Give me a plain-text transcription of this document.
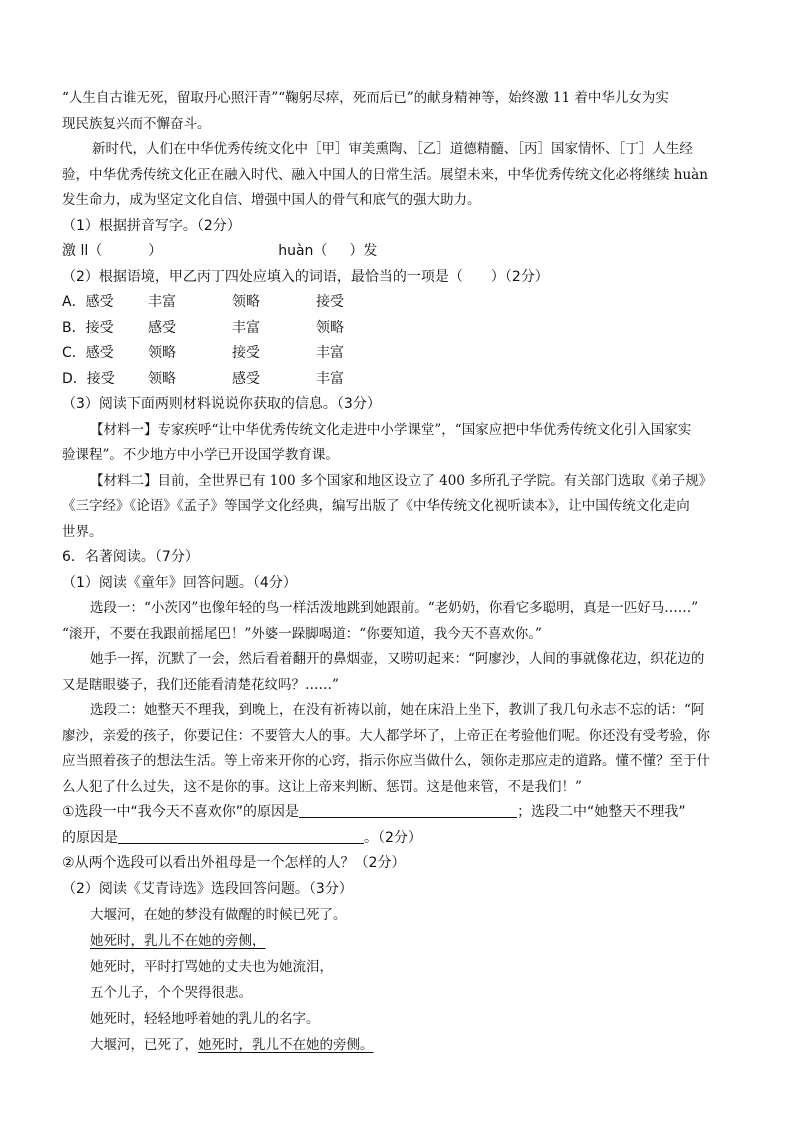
“人生自古谁无死，留取丹心照汗青”“鞠躬尽瘁，死而后已”的献身精神等，始终激 11 着中华儿女为实
现民族复兴而不懈奋斗。
新时代，人们在中华优秀传统文化中［甲］审美熏陶、［乙］道德精髓、［丙］国家情怀、［丁］人生经
验，中华优秀传统文化正在融入时代、融入中国人的日常生活。展望未来，中华优秀传统文化必将继续 huàn
发生命力，成为坚定文化自信、增强中国人的骨气和底气的强大助力。
（1）根据拼音写字。（2分）
激 ll（	）	huàn（ ）发
（2）根据语境，甲乙丙丁四处应填入的词语，最恰当的一项是（　　）（2分）
A．感受	丰富	领略	接受
B．接受	感受	丰富	领略
C．感受	领略	接受	丰富
D．接受	领略	感受	丰富
（3）阅读下面两则材料说说你获取的信息。（3分）
【材料一】专家疾呼“让中华优秀传统文化走进中小学课堂”，“国家应把中华优秀传统文化引入国家实
验课程”。不少地方中小学已开设国学教育课。
【材料二】目前，全世界已有 100 多个国家和地区设立了 400 多所孔子学院。有关部门选取《弟子规》
《三字经》《论语》《孟子》等国学文化经典，编写出版了《中华传统文化视听读本》，让中国传统文化走向
世界。
6．名著阅读。（7分）
（1）阅读《童年》回答问题。（4分）
选段一：“小茨冈”也像年轻的鸟一样活泼地跳到她跟前。“老奶奶，你看它多聪明，真是一匹好马……”
“滚开，不要在我跟前摇尾巴！”外婆一跺脚喝道：“你要知道，我今天不喜欢你。”
她手一挥，沉默了一会，然后看着翻开的鼻烟壶，又唠叨起来：“阿廖沙，人间的事就像花边，织花边的
又是瞎眼婆子，我们还能看清楚花纹吗？……”
选段二：她整天不理我，到晚上，在没有祈祷以前，她在床沿上坐下，教训了我几句永志不忘的话：“阿
廖沙，亲爱的孩子，你要记住：不要管大人的事。大人都学坏了，上帝正在考验他们呢。你还没有受考验，你
应当照着孩子的想法生活。等上帝来开你的心窍，指示你应当做什么，领你走那应走的道路。懂不懂？至于什
么人犯了什么过失，这不是你的事。这让上帝来判断、惩罚。这是他来管，不是我们！”
①选段一中“我今天不喜欢你”的原因是	；选段二中“她整天不理我”
的原因是	。（2分）
②从两个选段可以看出外祖母是一个怎样的人？（2分）
（2）阅读《艾青诗选》选段回答问题。（3分）
大堰河，在她的梦没有做醒的时候已死了。
她死时，乳儿不在她的旁侧，
她死时，平时打骂她的丈夫也为她流泪，
五个儿子，个个哭得很悲。
她死时，轻轻地呼着她的乳儿的名字。
大堰河，已死了，她死时，乳儿不在她的旁侧。
